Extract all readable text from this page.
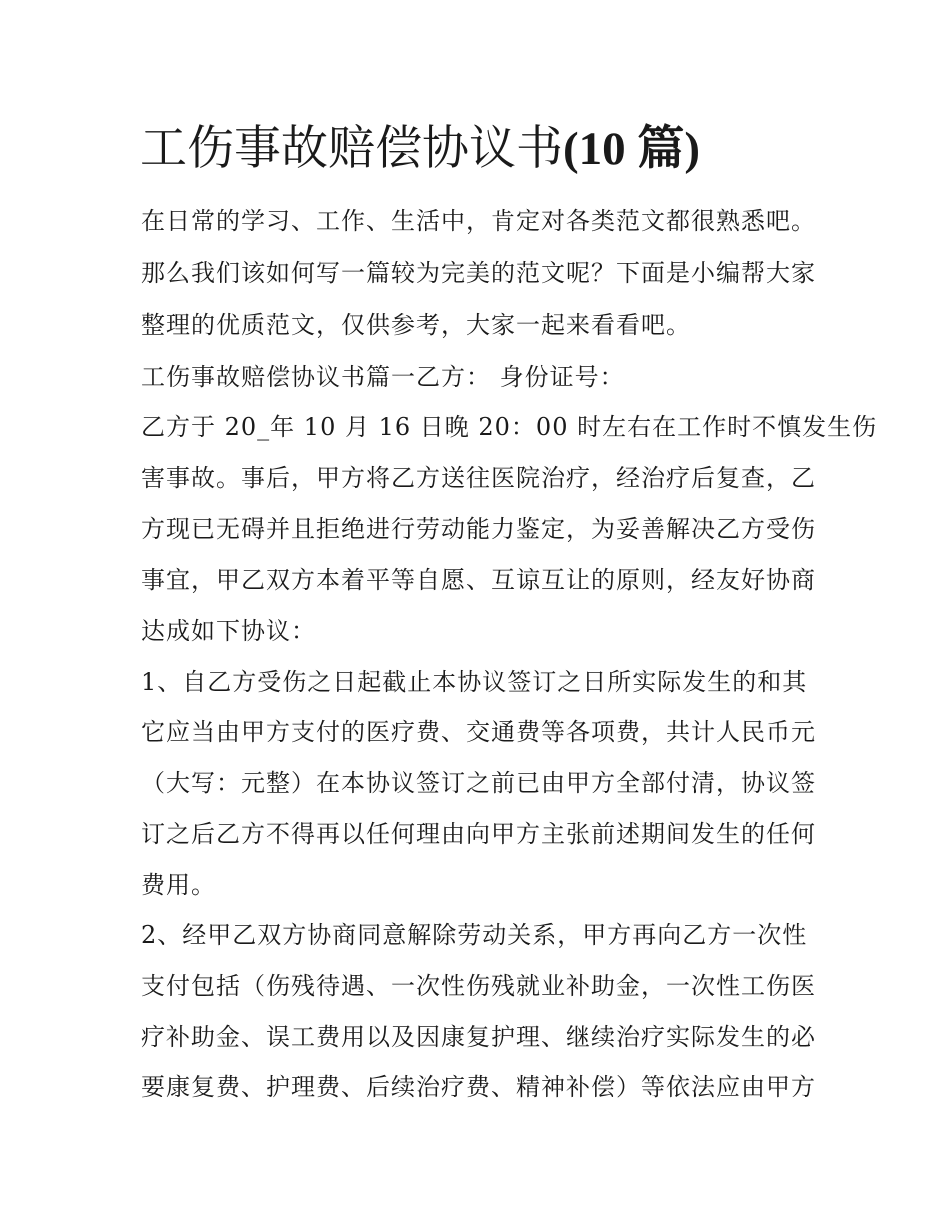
工伤事故赔偿协议书(10 篇)

在日常的学习、工作、生活中，肯定对各类范文都很熟悉吧。

那么我们该如何写一篇较为完美的范文呢？下面是小编帮大家

整理的优质范文，仅供参考，大家一起来看看吧。

工伤事故赔偿协议书篇一乙方： 身份证号：

乙方于 20_年 10 月 16 日晚 20：00 时左右在工作时不慎发生伤

害事故。事后，甲方将乙方送往医院治疗，经治疗后复查，乙

方现已无碍并且拒绝进行劳动能力鉴定，为妥善解决乙方受伤

事宜，甲乙双方本着平等自愿、互谅互让的原则，经友好协商

达成如下协议：

1、自乙方受伤之日起截止本协议签订之日所实际发生的和其

它应当由甲方支付的医疗费、交通费等各项费，共计人民币元

（大写：元整）在本协议签订之前已由甲方全部付清，协议签

订之后乙方不得再以任何理由向甲方主张前述期间发生的任何

费用。

2、经甲乙双方协商同意解除劳动关系，甲方再向乙方一次性

支付包括（伤残待遇、一次性伤残就业补助金，一次性工伤医

疗补助金、误工费用以及因康复护理、继续治疗实际发生的必

要康复费、护理费、后续治疗费、精神补偿）等依法应由甲方
